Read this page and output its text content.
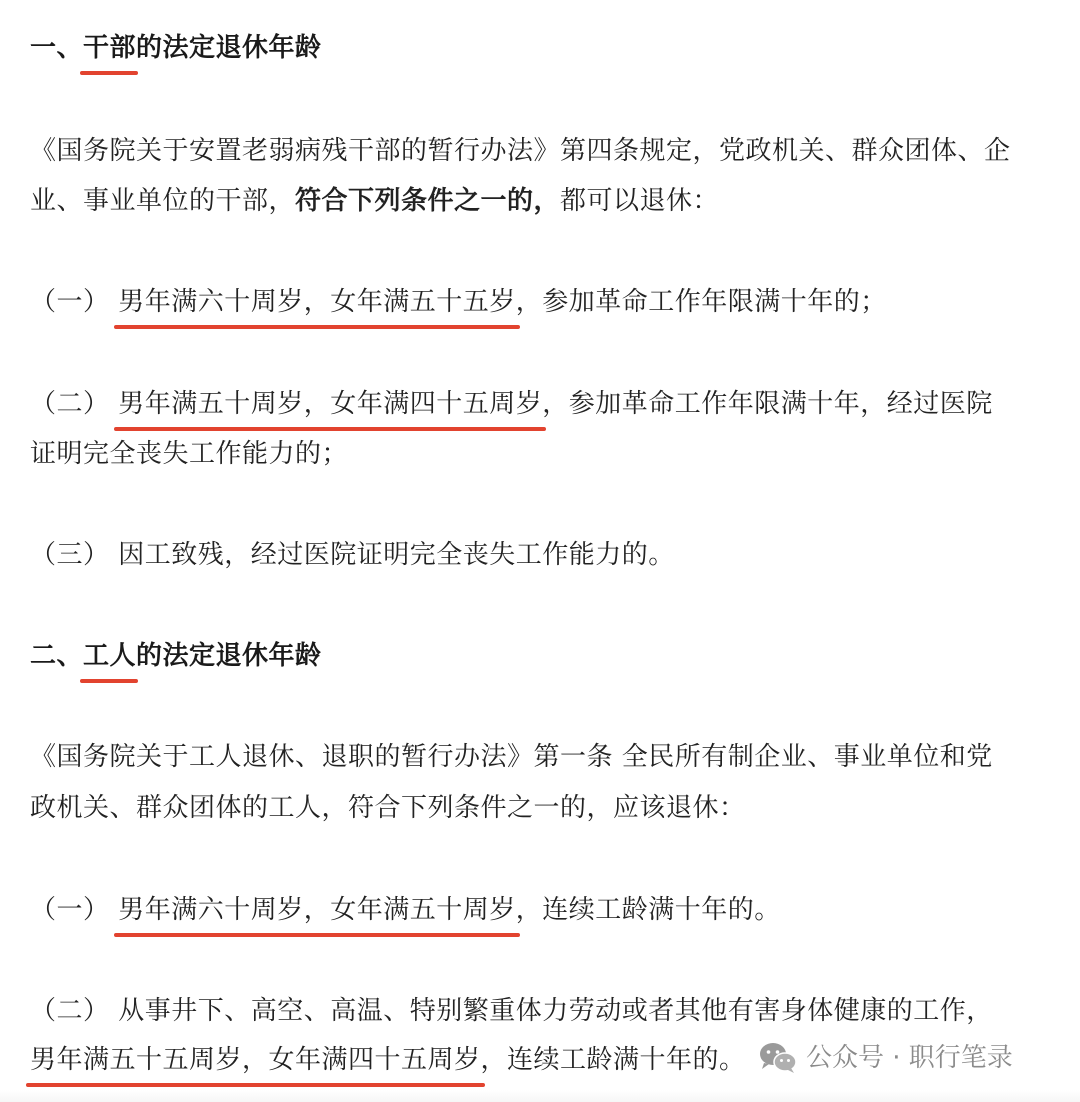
一、干部的法定退休年龄
《国务院关于安置老弱病残干部的暂行办法》第四条规定，党政机关、群众团体、企
业、事业单位的干部，符合下列条件之一的，都可以退休：
（一） 男年满六十周岁，女年满五十五岁，参加革命工作年限满十年的；
（二） 男年满五十周岁，女年满四十五周岁，参加革命工作年限满十年，经过医院
证明完全丧失工作能力的；
（三） 因工致残，经过医院证明完全丧失工作能力的。
二、工人的法定退休年龄
《国务院关于工人退休、退职的暂行办法》第一条 全民所有制企业、事业单位和党
政机关、群众团体的工人，符合下列条件之一的，应该退休：
（一） 男年满六十周岁，女年满五十周岁，连续工龄满十年的。
（二） 从事井下、高空、高温、特别繁重体力劳动或者其他有害身体健康的工作，
男年满五十五周岁，女年满四十五周岁，连续工龄满十年的。 公众号 · 职行笔录
